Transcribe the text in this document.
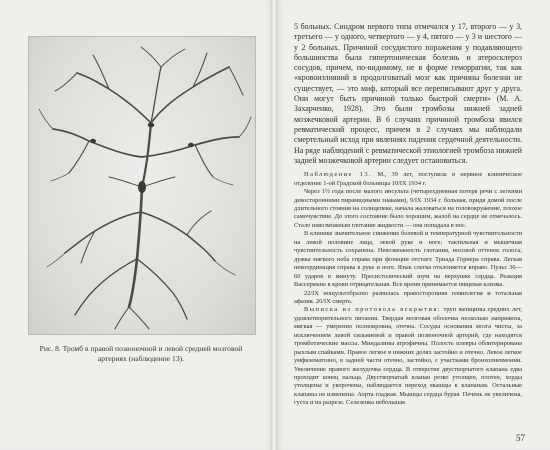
Рис. 8. Тромб в правой позвоночной и левой средней мозговой артериях (наблюдение 13).

5 больных. Синдром первого типа отмечался у 17, второго — у 3, третьего — у одного, четвертого — у 4, пятого — у 3 и шестого — у 2 больных. Причиной сосудистого поражения у подавляющего большинства была гипертоническая болезнь и атеросклероз сосудов, причем, по-видимому, не в форме геморрагии, так как «кровоизлияний в продолговатый мозг как причины болезни не существует, — это миф, который все переписывают друг у друга. Они могут быть причиной только быстрой смерти» (М. А. Захарченко, 1928). Это были тромбозы нижней задней мозжечковой артерии. В 6 случаях причиной тромбоза явился ревматический процесс, причем в 2 случаях мы наблюдали смертельный исход при явлениях падения сердечной деятельности. На ряде наблюдений с ревматической этиологией тромбоза нижней задней мозжечковой артерии следует остановиться.

Наблюдение 13. М., 39 лет, поступила в нервное клиническое отделение 1-ой Градской больницы 10/IX 1934 г.

Через 1½ года после малого инсульта (четырехдневная потеря речи с легкими девосторонними пирамидными знаками), 9/IX 1934 г. больная, придя домой после длительного стояния на солнцепеке, начала жаловаться на головокружение, плохое самочувствие. До этого состояние было хорошим, жалоб на сердце не отмечалось. Стало невозможным глотание жидкости — она попадала в нос.

В клинике значительное снижение болевой и температурной чувствительности на левой половине лица, левой руке и ноге; тактильная и мышечная чувствительность сохранена. Невозможность глотания, носовой оттенок голоса; дужка мягкого неба справа при фонации отстает. Триада Горнера справа. Легкая некоординация справа в руке и ноге. Язык слегка отклоняется вправо. Пульс 36—60 ударов в минуту. Пресистолический шум на верхушке сердца. Реакция Вассермана в крови отрицательная. Все время принимается пищевая клизма.

22/IX нощультобразно развилась правосторонняя гемиплегия и тотальная афазия. 26/IX смерть.

Выписка из протокола вскрытия: труп женщины средних лет, удовлетворительного питания. Твердая мозговая оболочка несколько напряжена, мягкая — умеренно полнокровна, отечна. Сосуды основания мозга чисты, за исключением левой сильвиевой и правой позвоночной артерий, где находятся тромботические массы. Миндалины атрофичны. Полость плевры облитерирована рыхлым спайками. Правое легкое в нижних долях застойно и отечно. Левое легкое умфизематозно, в задней части отечно, застойно, с участками бронхопневмонии. Увеличение правого желудочка сердца. В отверстие двустворчатого клапана едва проходит конец пальца. Двустворчатый клапан резко утолщен, плотен, хорды утолщены и укорочены, наблюдается переход мышцы к клапанам. Остальные клапаны не изменены. Аорта гладкая. Мышцы сердца бурая. Печень не увеличена, густа и на разрезе. Селезенка небольшая

57
